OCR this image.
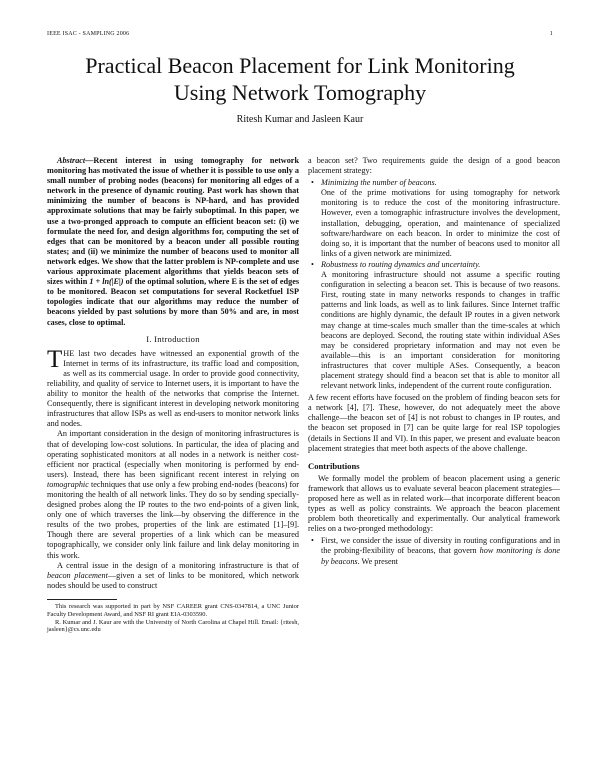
IEEE ISAC - SAMPLING 2006	1
Practical Beacon Placement for Link Monitoring
Using Network Tomography
Ritesh Kumar and Jasleen Kaur

Abstract—Recent interest in using tomography for network monitoring has motivated the issue of whether it is possible to use only a small number of probing nodes (beacons) for monitoring all edges of a network in the presence of dynamic routing. Past work has shown that minimizing the number of beacons is NP-hard, and has provided approximate solutions that may be fairly suboptimal. In this paper, we use a two-pronged approach to compute an efficient beacon set: (i) we formulate the need for, and design algorithms for, computing the set of edges that can be monitored by a beacon under all possible routing states; and (ii) we minimize the number of beacons used to monitor all network edges. We show that the latter problem is NP-complete and use various approximate placement algorithms that yields beacon sets of sizes within 1 + ln(|E|) of the optimal solution, where E is the set of edges to be monitored. Beacon set computations for several Rocketfuel ISP topologies indicate that our algorithms may reduce the number of beacons yielded by past solutions by more than 50% and are, in most cases, close to optimal.

I. Introduction

THE last two decades have witnessed an exponential growth of the Internet in terms of its infrastructure, its traffic load and composition, as well as its commercial usage. In order to provide good connectivity, reliability, and quality of service to Internet users, it is important to have the ability to monitor the health of the networks that comprise the Internet. Consequently, there is significant interest in developing network monitoring infrastructures that allow ISPs as well as end-users to monitor network links and nodes.

An important consideration in the design of monitoring infrastructures is that of developing low-cost solutions. In particular, the idea of placing and operating sophisticated monitors at all nodes in a network is neither cost-efficient nor practical (especially when monitoring is performed by end-users). Instead, there has been significant recent interest in relying on tomographic techniques that use only a few probing end-nodes (beacons) for monitoring the health of all network links. They do so by sending specially-designed probes along the IP routes to the two end-points of a given link, only one of which traverses the link—by observing the difference in the results of the two probes, properties of the link are estimated [1]–[9]. Though there are several properties of a link which can be measured topographically, we consider only link failure and link delay monitoring in this work.

A central issue in the design of a monitoring infrastructure is that of beacon placement—given a set of links to be monitored, which network nodes should be used to construct

This research was supported in part by NSF CAREER grant CNS-0347814, a UNC Junior Faculty Development Award, and NSF RI grant EIA-0303590.

R. Kumar and J. Kaur are with the University of North Carolina at Chapel Hill. Email: {ritesh, jasleen}@cs.unc.edu

a beacon set? Two requirements guide the design of a good beacon placement strategy:

• Minimizing the number of beacons.
One of the prime motivations for using tomography for network monitoring is to reduce the cost of the monitoring infrastructure. However, even a tomographic infrastructure involves the development, installation, debugging, operation, and maintenance of specialized software/hardware on each beacon. In order to minimize the cost of doing so, it is important that the number of beacons used to monitor all links of a given network are minimized.
• Robustness to routing dynamics and uncertainty.
A monitoring infrastructure should not assume a specific routing configuration in selecting a beacon set. This is because of two reasons. First, routing state in many networks responds to changes in traffic patterns and link loads, as well as to link failures. Since Internet traffic conditions are highly dynamic, the default IP routes in a given network may change at time-scales much smaller than the time-scales at which beacons are deployed. Second, the routing state within individual ASes may be considered proprietary information and may not even be available—this is an important consideration for monitoring infrastructures that cover multiple ASes. Consequently, a beacon placement strategy should find a beacon set that is able to monitor all relevant network links, independent of the current route configuration.

A few recent efforts have focused on the problem of finding beacon sets for a network [4], [7]. These, however, do not adequately meet the above challenge—the beacon set of [4] is not robust to changes in IP routes, and the beacon set proposed in [7] can be quite large for real ISP topologies (details in Sections II and VI). In this paper, we present and evaluate beacon placement strategies that meet both aspects of the above challenge.

Contributions

We formally model the problem of beacon placement using a generic framework that allows us to evaluate several beacon placement strategies—proposed here as well as in related work—that incorporate different beacon types as well as policy constraints. We approach the beacon placement problem both theoretically and experimentally. Our analytical framework relies on a two-pronged methodology:

• First, we consider the issue of diversity in routing configurations and in the probing-flexibility of beacons, that govern how monitoring is done by beacons. We present
